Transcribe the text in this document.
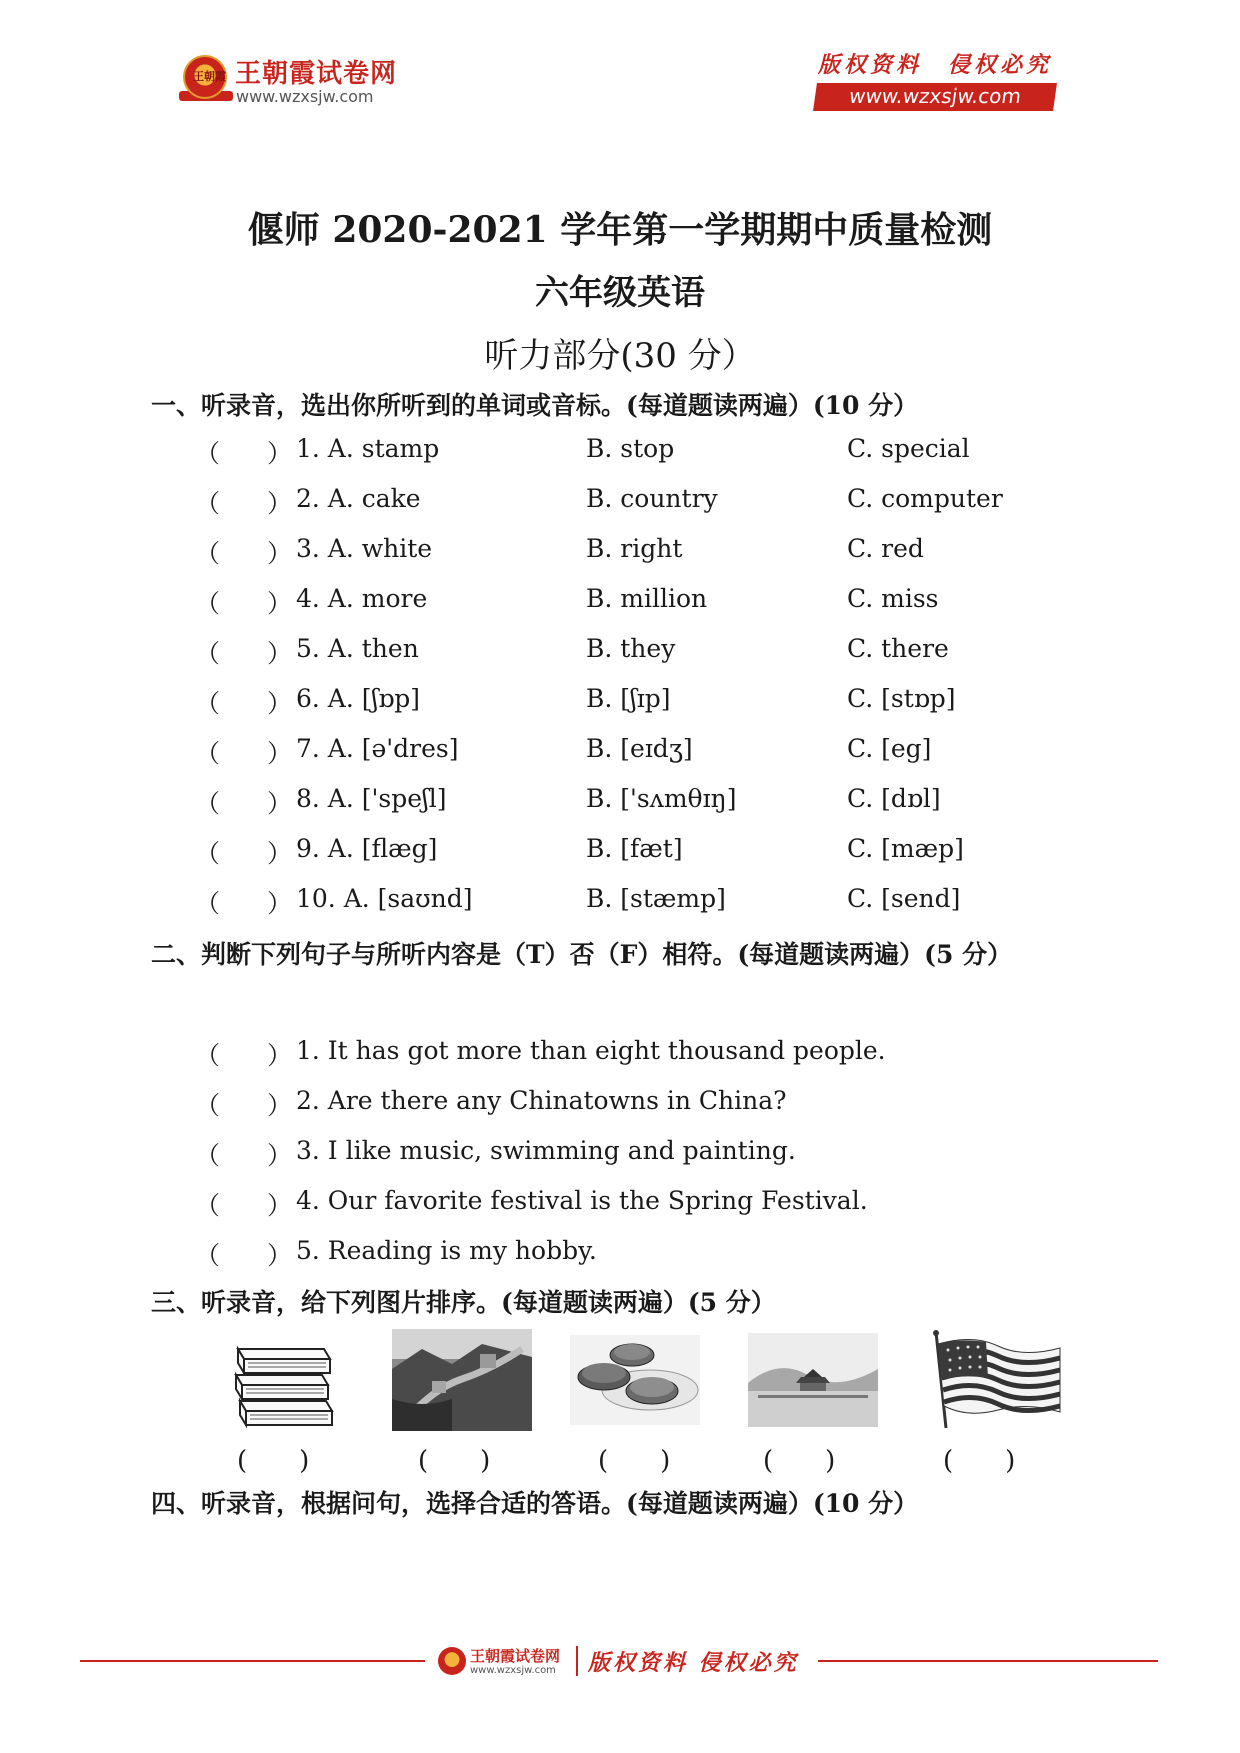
王朝霞 王朝霞试卷网
www.wzxsjw.com
版权资料　侵权必究
www.wzxsjw.com
偃师 2020-2021 学年第一学期期中质量检测
六年级英语
听力部分(30 分）
一、听录音，选出你所听到的单词或音标。(每道题读两遍）(10 分）
（ ） 1. A. stamp	B. stop	C. special
（ ） 2. A. cake	B. country	C. computer
（ ） 3. A. white	B. right	C. red
（ ） 4. A. more	B. million	C. miss
（ ） 5. A. then	B. they	C. there
（ ） 6. A. [ʃɒp]	B. [ʃɪp]	C. [stɒp]
（ ） 7. A. [ə'dres]	B. [eɪdʒ]	C. [eg]
（ ） 8. A. ['speʃl]	B. ['sʌmθɪŋ]	C. [dɒl]
（ ） 9. A. [flæg]	B. [fæt]	C. [mæp]
（ ） 10. A. [saʊnd]	B. [stæmp]	C. [send]
二、判断下列句子与所听内容是（T）否（F）相符。(每道题读两遍）(5 分）
（ ） 1. It has got more than eight thousand people.
（ ） 2. Are there any Chinatowns in China?
（ ） 3. I like music, swimming and painting.
（ ） 4. Our favorite festival is the Spring Festival.
（ ） 5. Reading is my hobby.
三、听录音，给下列图片排序。(每道题读两遍）(5 分）
(　　)	(　　)	(　　)	(　　)	(　　)
四、听录音，根据问句，选择合适的答语。(每道题读两遍）(10 分）
王朝霞试卷网
www.wzxsjw.com 版权资料 侵权必究
